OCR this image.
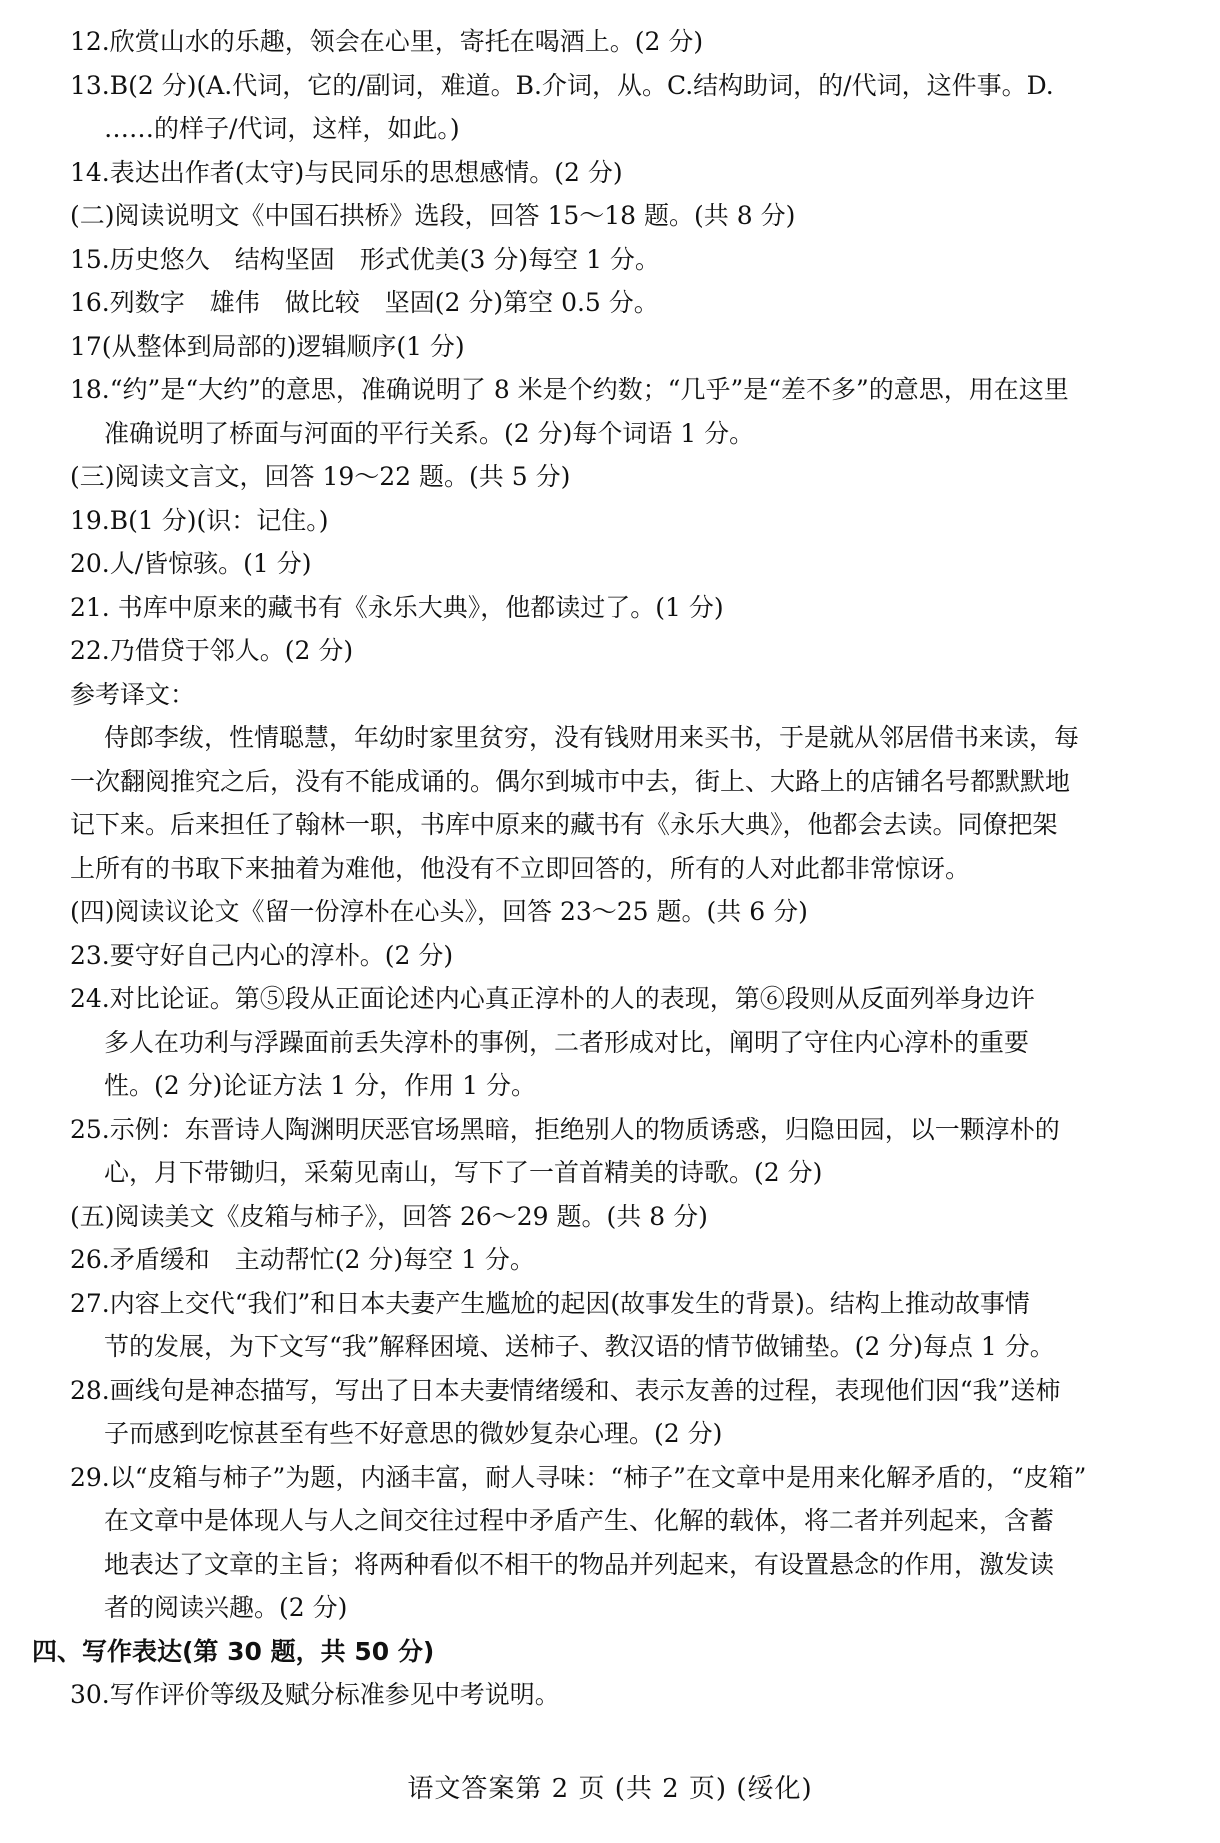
12.欣赏山水的乐趣，领会在心里，寄托在喝酒上。(2 分)
13.B(2 分)(A.代词，它的/副词，难道。B.介词，从。C.结构助词，的/代词，这件事。D.
……的样子/代词，这样，如此。)
14.表达出作者(太守)与民同乐的思想感情。(2 分)
(二)阅读说明文《中国石拱桥》选段，回答 15～18 题。(共 8 分)
15.历史悠久　结构坚固　形式优美(3 分)每空 1 分。
16.列数字　雄伟　做比较　坚固(2 分)第空 0.5 分。
17(从整体到局部的)逻辑顺序(1 分)
18.“约”是“大约”的意思，准确说明了 8 米是个约数；“几乎”是“差不多”的意思，用在这里
准确说明了桥面与河面的平行关系。(2 分)每个词语 1 分。
(三)阅读文言文，回答 19～22 题。(共 5 分)
19.B(1 分)(识：记住。)
20.人/皆惊骇。(1 分)
21. 书库中原来的藏书有《永乐大典》，他都读过了。(1 分)
22.乃借贷于邻人。(2 分)
参考译文：
侍郎李绂，性情聪慧，年幼时家里贫穷，没有钱财用来买书，于是就从邻居借书来读，每
一次翻阅推究之后，没有不能成诵的。偶尔到城市中去，街上、大路上的店铺名号都默默地
记下来。后来担任了翰林一职，书库中原来的藏书有《永乐大典》，他都会去读。同僚把架
上所有的书取下来抽着为难他，他没有不立即回答的，所有的人对此都非常惊讶。
(四)阅读议论文《留一份淳朴在心头》，回答 23～25 题。(共 6 分)
23.要守好自己内心的淳朴。(2 分)
24.对比论证。第⑤段从正面论述内心真正淳朴的人的表现，第⑥段则从反面列举身边许
多人在功利与浮躁面前丢失淳朴的事例，二者形成对比，阐明了守住内心淳朴的重要
性。(2 分)论证方法 1 分，作用 1 分。
25.示例：东晋诗人陶渊明厌恶官场黑暗，拒绝别人的物质诱惑，归隐田园，以一颗淳朴的
心，月下带锄归，采菊见南山，写下了一首首精美的诗歌。(2 分)
(五)阅读美文《皮箱与柿子》，回答 26～29 题。(共 8 分)
26.矛盾缓和　主动帮忙(2 分)每空 1 分。
27.内容上交代“我们”和日本夫妻产生尴尬的起因(故事发生的背景)。结构上推动故事情
节的发展，为下文写“我”解释困境、送柿子、教汉语的情节做铺垫。(2 分)每点 1 分。
28.画线句是神态描写，写出了日本夫妻情绪缓和、表示友善的过程，表现他们因“我”送柿
子而感到吃惊甚至有些不好意思的微妙复杂心理。(2 分)
29.以“皮箱与柿子”为题，内涵丰富，耐人寻味：“柿子”在文章中是用来化解矛盾的，“皮箱”
在文章中是体现人与人之间交往过程中矛盾产生、化解的载体，将二者并列起来，含蓄
地表达了文章的主旨；将两种看似不相干的物品并列起来，有设置悬念的作用，激发读
者的阅读兴趣。(2 分)
四、写作表达(第 30 题，共 50 分)
30.写作评价等级及赋分标准参见中考说明。
语文答案第 2 页 (共 2 页) (绥化)
